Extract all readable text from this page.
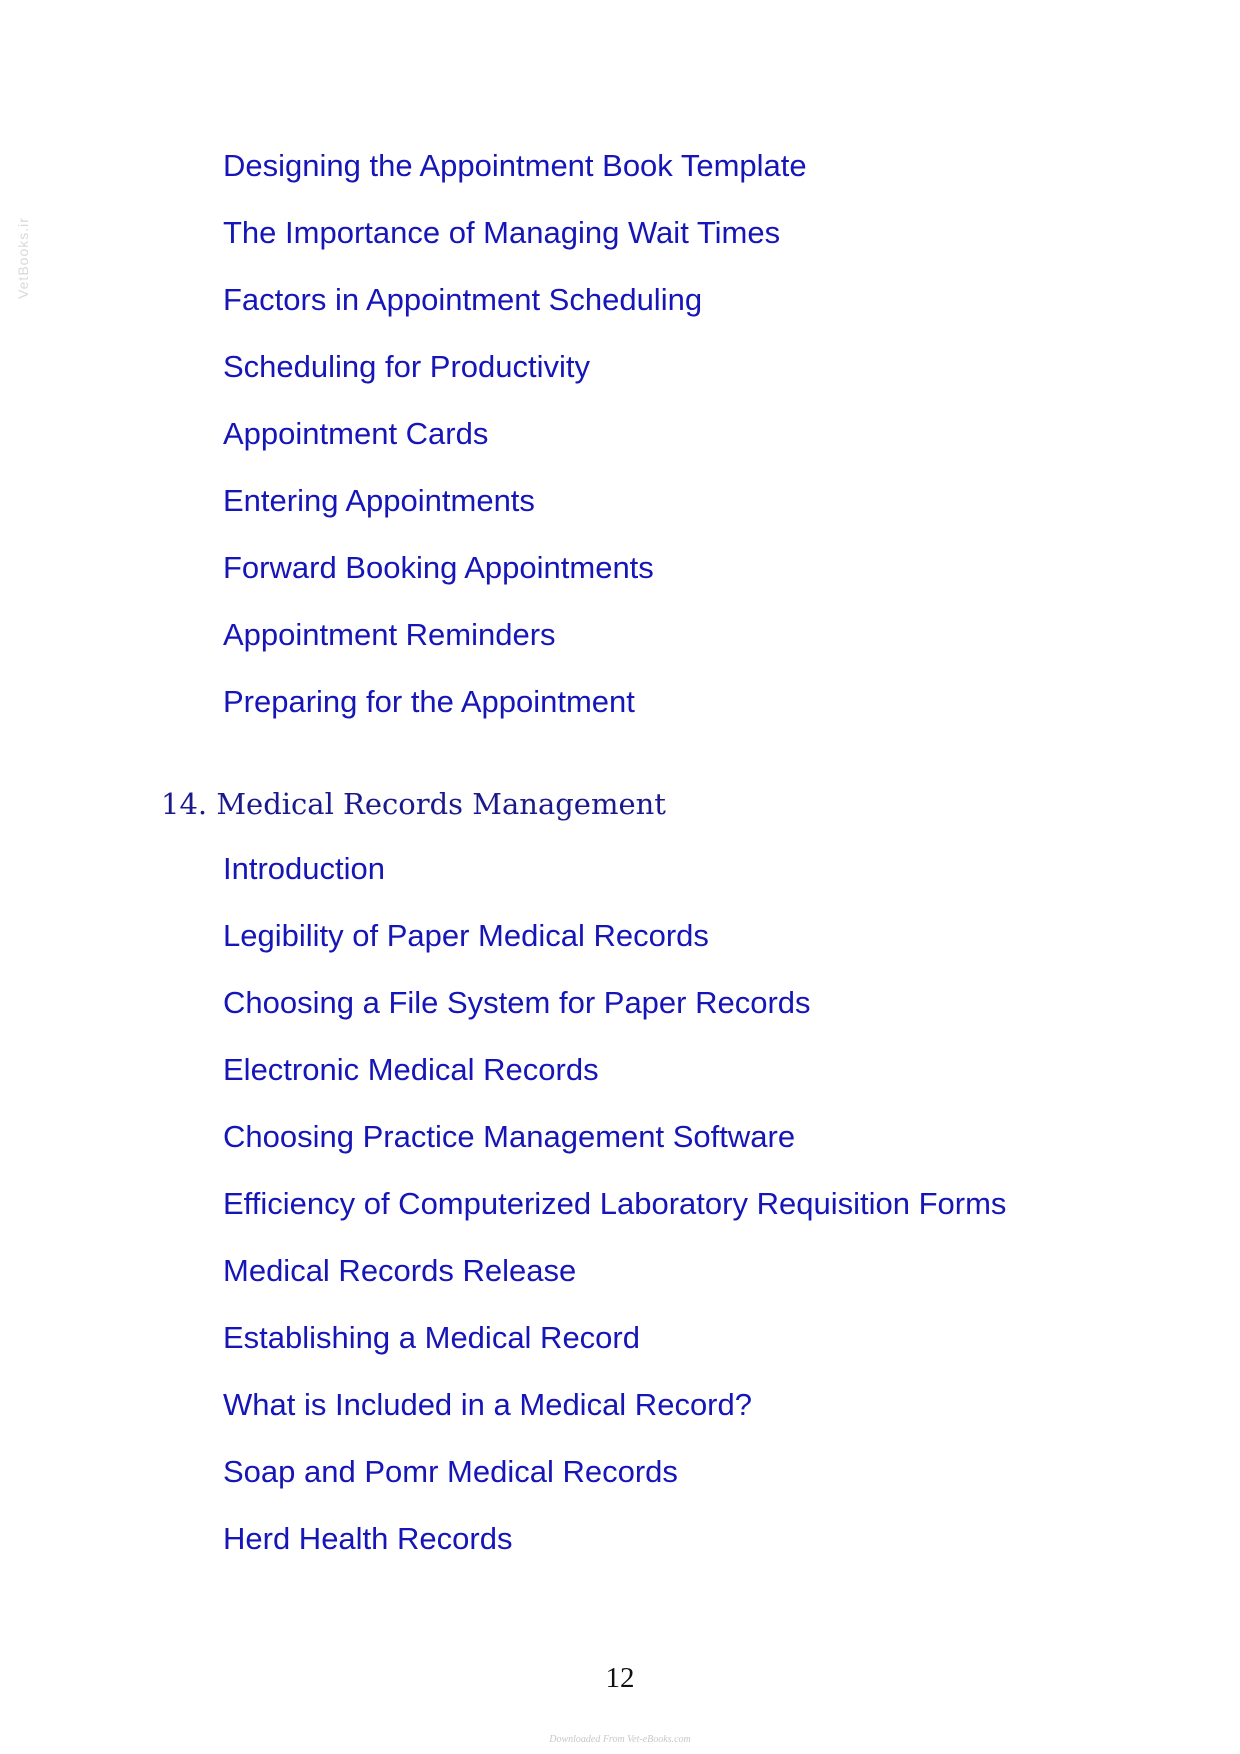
VetBooks.ir
Designing the Appointment Book Template
The Importance of Managing Wait Times
Factors in Appointment Scheduling
Scheduling for Productivity
Appointment Cards
Entering Appointments
Forward Booking Appointments
Appointment Reminders
Preparing for the Appointment
14. Medical Records Management
Introduction
Legibility of Paper Medical Records
Choosing a File System for Paper Records
Electronic Medical Records
Choosing Practice Management Software
Efficiency of Computerized Laboratory Requisition Forms
Medical Records Release
Establishing a Medical Record
What is Included in a Medical Record?
Soap and Pomr Medical Records
Herd Health Records
12
Downloaded From Vet-eBooks.com
